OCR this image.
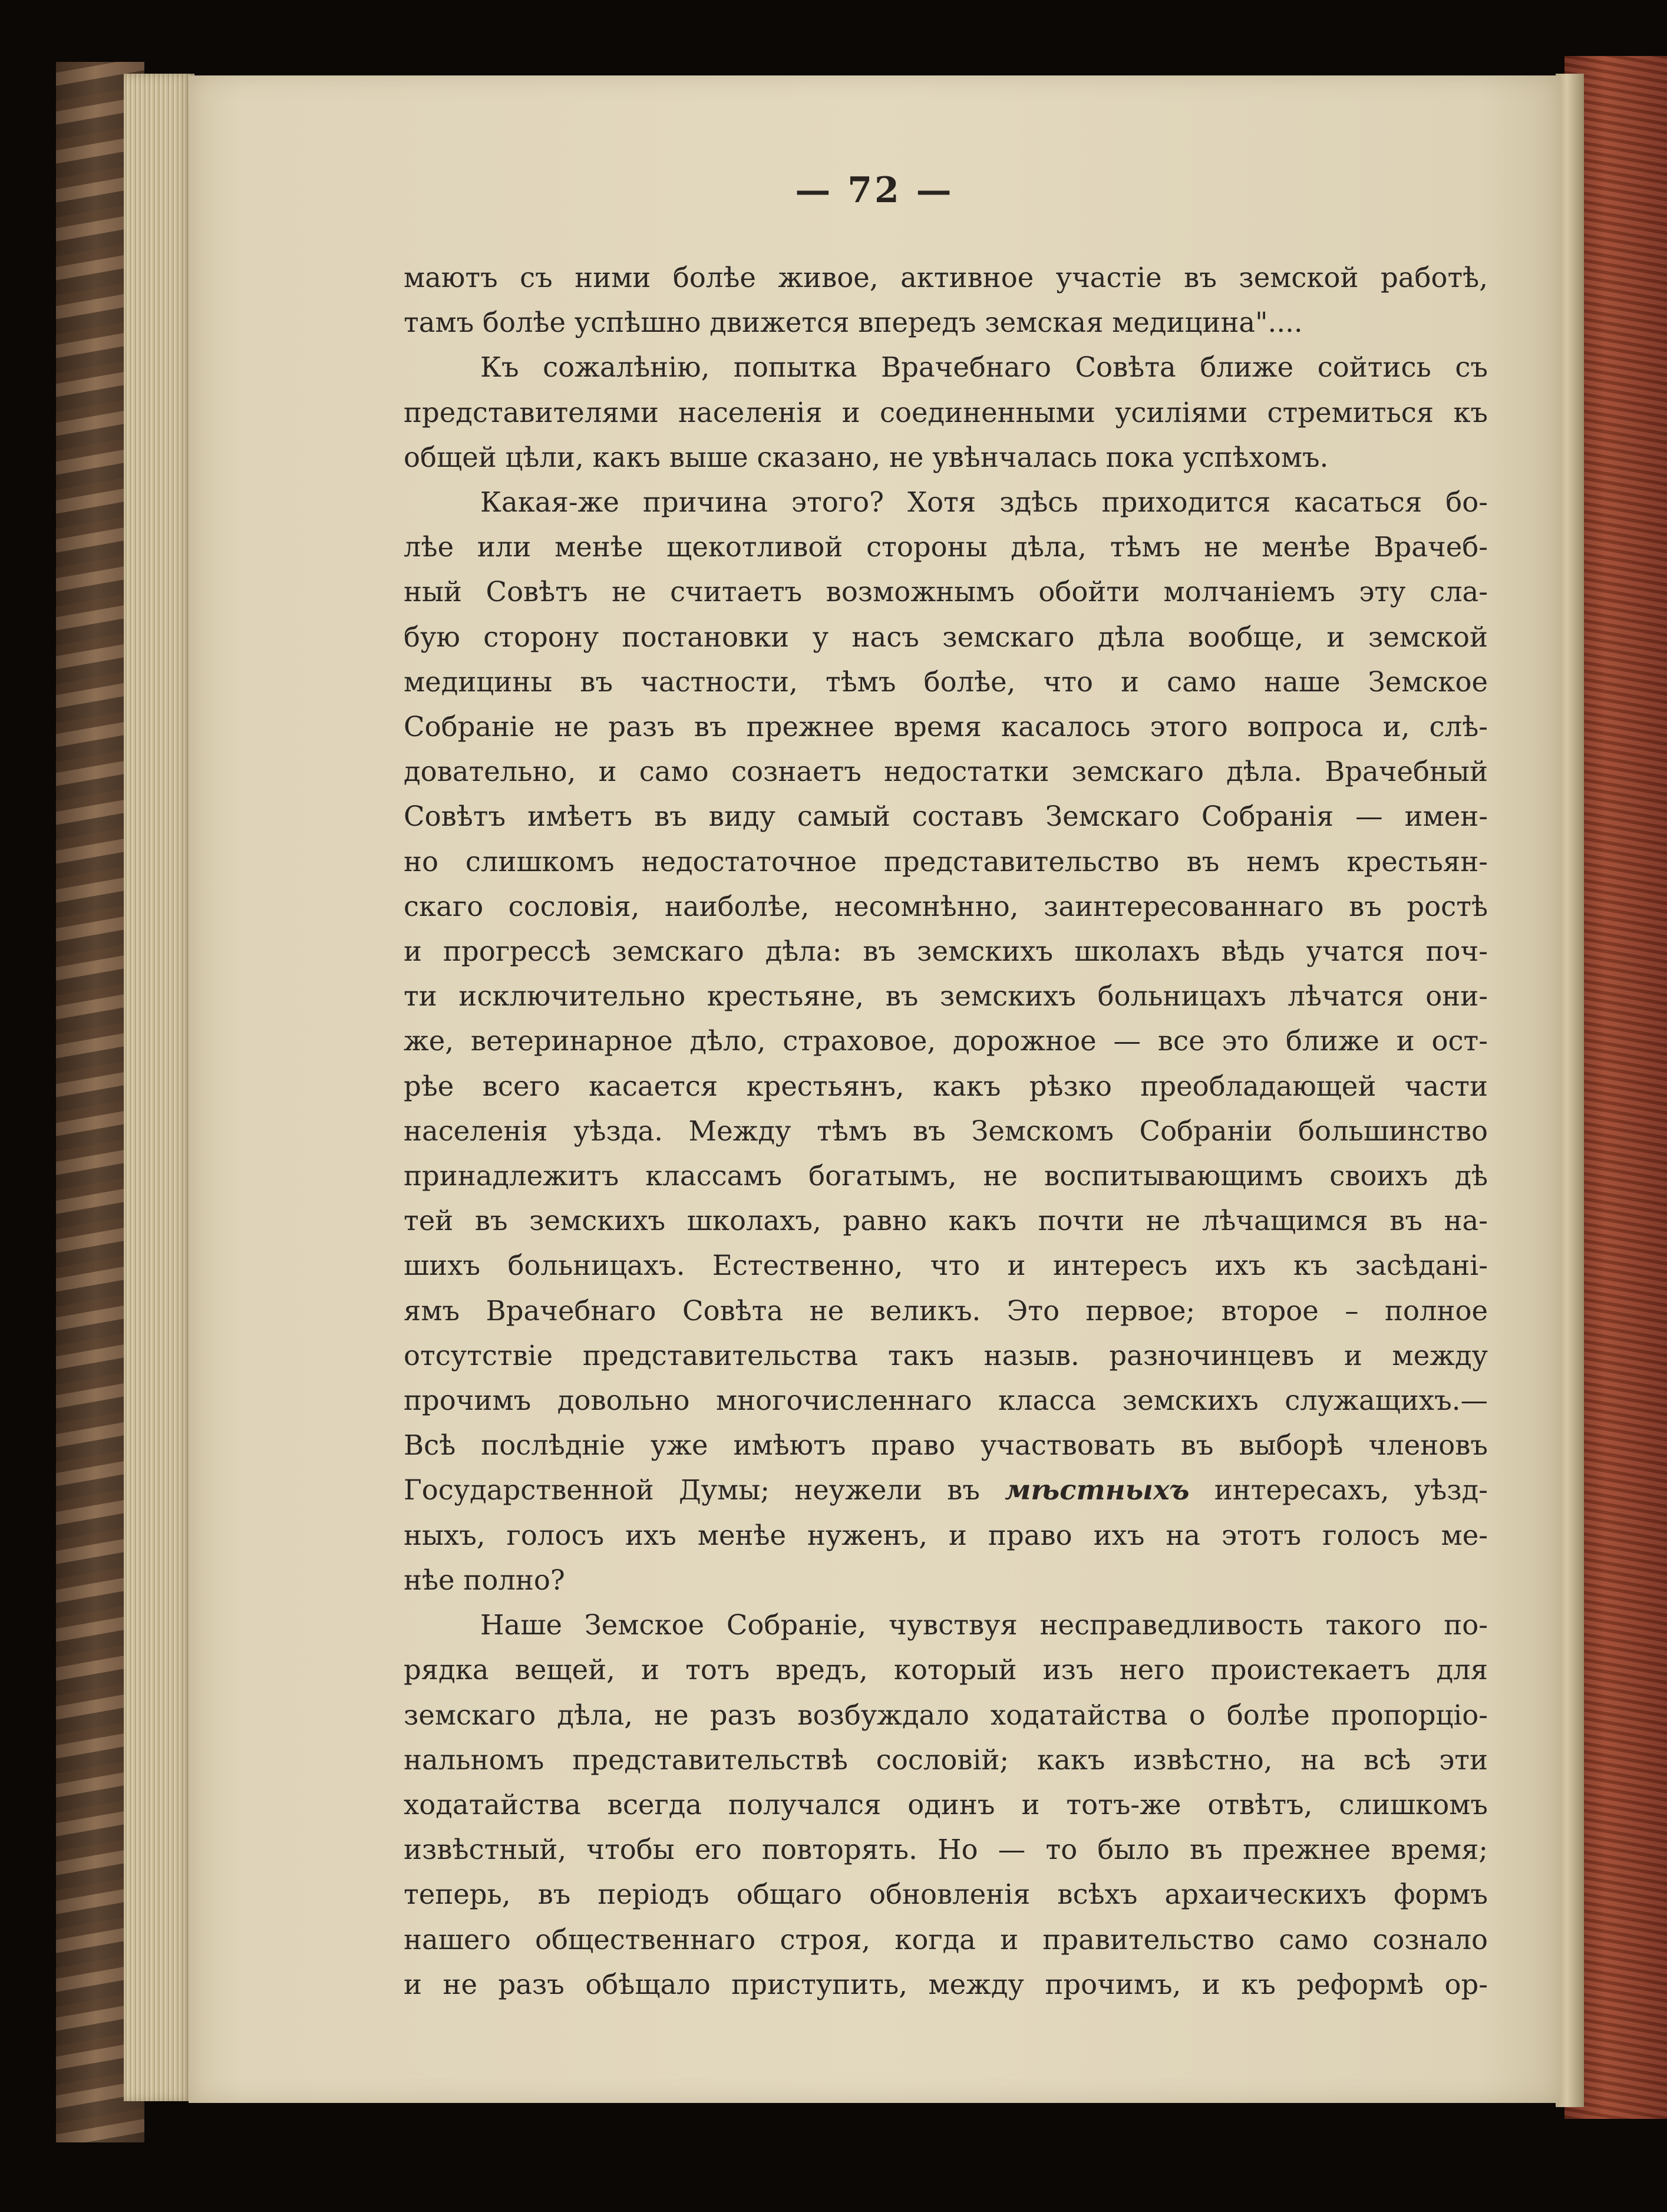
— 72 —
маютъ съ ними болѣе живое, активное участіе въ земской работѣ,
тамъ болѣе успѣшно движется впередъ земская медицина"....
Къ сожалѣнію, попытка Врачебнаго Совѣта ближе сойтись съ
представителями населенія и соединенными усиліями стремиться къ
общей цѣли, какъ выше сказано, не увѣнчалась пока успѣхомъ.
Какая-же причина этого? Хотя здѣсь приходится касаться бо-
лѣе или менѣе щекотливой стороны дѣла, тѣмъ не менѣе Врачеб-
ный Совѣтъ не считаетъ возможнымъ обойти молчаніемъ эту сла-
бую сторону постановки у насъ земскаго дѣла вообще, и земской
медицины въ частности, тѣмъ болѣе, что и само наше Земское
Собраніе не разъ въ прежнее время касалось этого вопроса и, слѣ-
довательно, и само сознаетъ недостатки земскаго дѣла. Врачебный
Совѣтъ имѣетъ въ виду самый составъ Земскаго Собранія — имен-
но слишкомъ недостаточное представительство въ немъ крестьян-
скаго сословія, наиболѣе, несомнѣнно, заинтересованнаго въ ростѣ
и прогрессѣ земскаго дѣла: въ земскихъ школахъ вѣдь учатся поч-
ти исключительно крестьяне, въ земскихъ больницахъ лѣчатся они-
же, ветеринарное дѣло, страховое, дорожное — все это ближе и ост-
рѣе всего касается крестьянъ, какъ рѣзко преобладающей части
населенія уѣзда. Между тѣмъ въ Земскомъ Собраніи большинство
принадлежитъ классамъ богатымъ, не воспитывающимъ своихъ дѣ
тей въ земскихъ школахъ, равно какъ почти не лѣчащимся въ на-
шихъ больницахъ. Естественно, что и интересъ ихъ къ засѣдані-
ямъ Врачебнаго Совѣта не великъ. Это первое; второе – полное
отсутствіе представительства такъ назыв. разночинцевъ и между
прочимъ довольно многочисленнаго класса земскихъ служащихъ.—
Всѣ послѣдніе уже имѣютъ право участвовать въ выборѣ членовъ
Государственной Думы; неужели въ мѣстныхъ интересахъ, уѣзд-
ныхъ, голосъ ихъ менѣе нуженъ, и право ихъ на этотъ голосъ ме-
нѣе полно?
Наше Земское Собраніе, чувствуя несправедливость такого по-
рядка вещей, и тотъ вредъ, который изъ него проистекаетъ для
земскаго дѣла, не разъ возбуждало ходатайства о болѣе пропорціо-
нальномъ представительствѣ сословій; какъ извѣстно, на всѣ эти
ходатайства всегда получался одинъ и тотъ-же отвѣтъ, слишкомъ
извѣстный, чтобы его повторять. Но — то было въ прежнее время;
теперь, въ періодъ общаго обновленія всѣхъ архаическихъ формъ
нашего общественнаго строя, когда и правительство само сознало
и не разъ обѣщало приступить, между прочимъ, и къ реформѣ ор-
